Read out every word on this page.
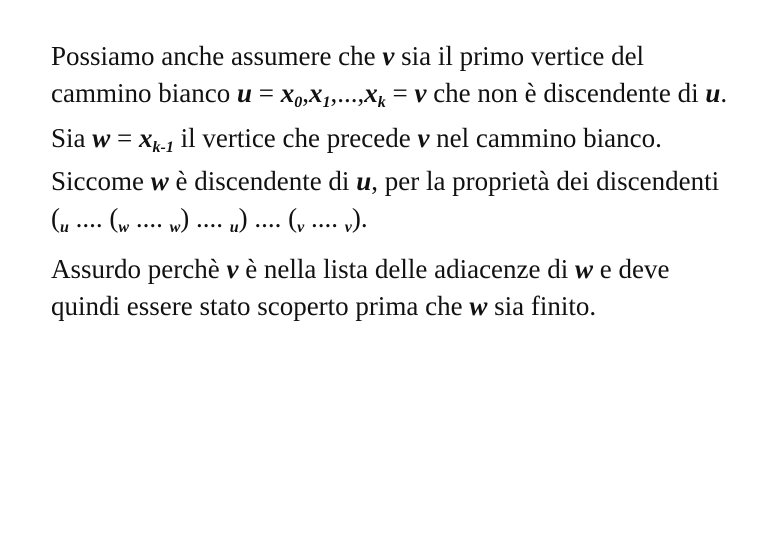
Possiamo anche assumere che v sia il primo vertice del cammino bianco $u = x_0,x_1,...,x_k = v$ che non è discendente di u.

Sia $w = x_{k-1}$ il vertice che precede v nel cammino bianco.

Siccome w è discendente di u, per la proprietà dei discendenti ($_u$ .... ($_w$ .... $_w$) .... $_u$) .... ($_v$ .... $_v$).

Assurdo perchè v è nella lista delle adiacenze di w e deve quindi essere stato scoperto prima che w sia finito.
